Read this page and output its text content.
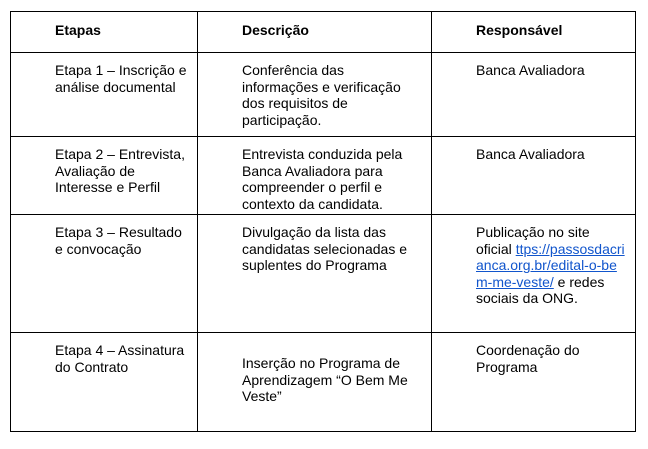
Etapas	Descrição	Responsável

Etapa 1 – Inscrição e análise documental	Conferência das informações e verificação dos requisitos de participação.	Banca Avaliadora

Etapa 2 – Entrevista, Avaliação de Interesse e Perfil	Entrevista conduzida pela Banca Avaliadora para compreender o perfil e contexto da candidata.	Banca Avaliadora

Etapa 3 – Resultado e convocação	Divulgação da lista das candidatas selecionadas e suplentes do Programa	Publicação no site oficial ttps://passosdacrianca.org.br/edital-o-bem-me-veste/ e redes sociais da ONG.

Etapa 4 – Assinatura do Contrato	Inserção no Programa de Aprendizagem “O Bem Me Veste”	Coordenação do Programa
